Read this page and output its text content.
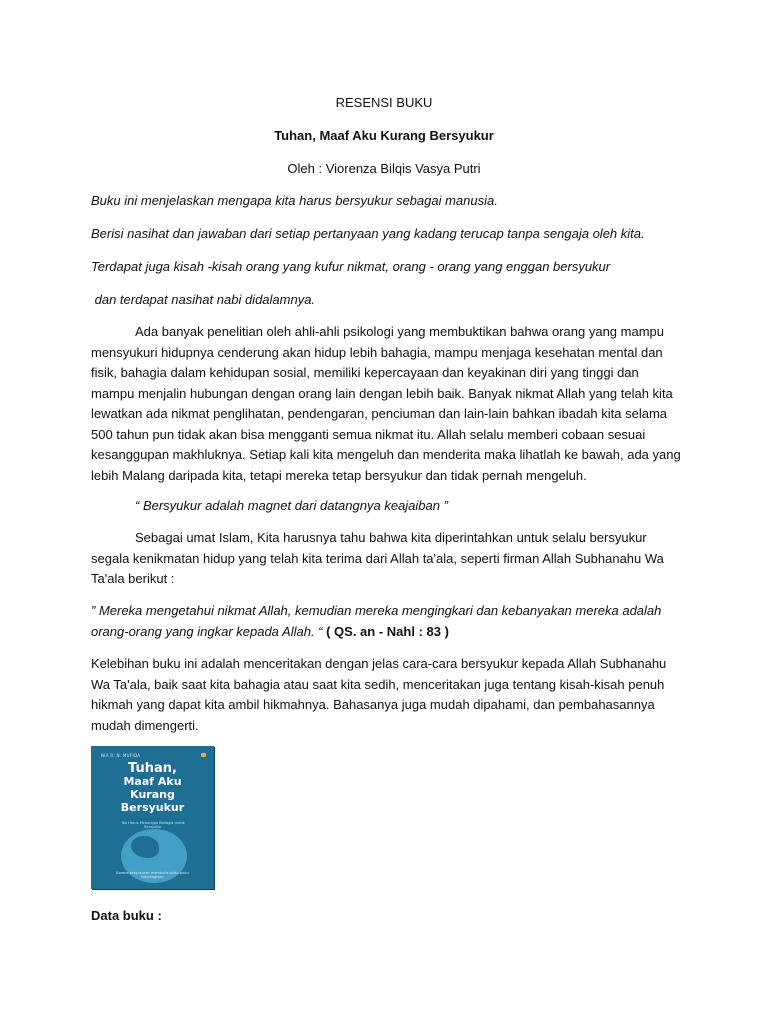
RESENSI BUKU
Tuhan, Maaf Aku Kurang Bersyukur
Oleh : Viorenza Bilqis Vasya Putri
Buku ini menjelaskan mengapa kita harus bersyukur sebagai manusia.
Berisi nasihat dan jawaban dari setiap pertanyaan yang kadang terucap tanpa sengaja oleh kita.
Terdapat juga kisah -kisah orang yang kufur nikmat, orang - orang yang enggan bersyukur
dan terdapat nasihat nabi didalamnya.
Ada banyak penelitian oleh ahli-ahli psikologi yang membuktikan bahwa orang yang mampu mensyukuri hidupnya cenderung akan hidup lebih bahagia, mampu menjaga kesehatan mental dan fisik, bahagia dalam kehidupan sosial, memiliki kepercayaan dan keyakinan diri yang tinggi dan mampu menjalin hubungan dengan orang lain dengan lebih baik. Banyak nikmat Allah yang telah kita lewatkan ada nikmat penglihatan, pendengaran, penciuman dan lain-lain bahkan ibadah kita selama 500 tahun pun tidak akan bisa mengganti semua nikmat itu. Allah selalu memberi cobaan sesuai kesanggupan makhluknya. Setiap kali kita mengeluh dan menderita maka lihatlah ke bawah, ada yang lebih Malang daripada kita, tetapi mereka tetap bersyukur dan tidak pernah mengeluh.
“ Bersyukur adalah magnet dari datangnya keajaiban ”
Sebagai umat Islam, Kita harusnya tahu bahwa kita diperintahkan untuk selalu bersyukur segala kenikmatan hidup yang telah kita terima dari Allah ta'ala, seperti firman Allah Subhanahu Wa Ta'ala berikut :
” Mereka mengetahui nikmat Allah, kemudian mereka mengingkari dan kebanyakan mereka adalah orang-orang yang ingkar kepada Allah. “ ( QS. an - Nahl : 83 )
Kelebihan buku ini adalah menceritakan dengan jelas cara-cara bersyukur kepada Allah Subhanahu Wa Ta'ala, baik saat kita bahagia atau saat kita sedih, menceritakan juga tentang kisah-kisah penuh hikmah yang dapat kita ambil hikmahnya. Bahasanya juga mudah dipahami, dan pembahasannya mudah dimengerti.
NIA R. N. MUFIDA
Tuhan,
Maaf Aku
Kurang
Bersyukur
Tak Harus Menunggu Bahagia untuk Bersyukur
Karena kesyukuran membuka pintu-pintu kebahagiaan
Data buku :
